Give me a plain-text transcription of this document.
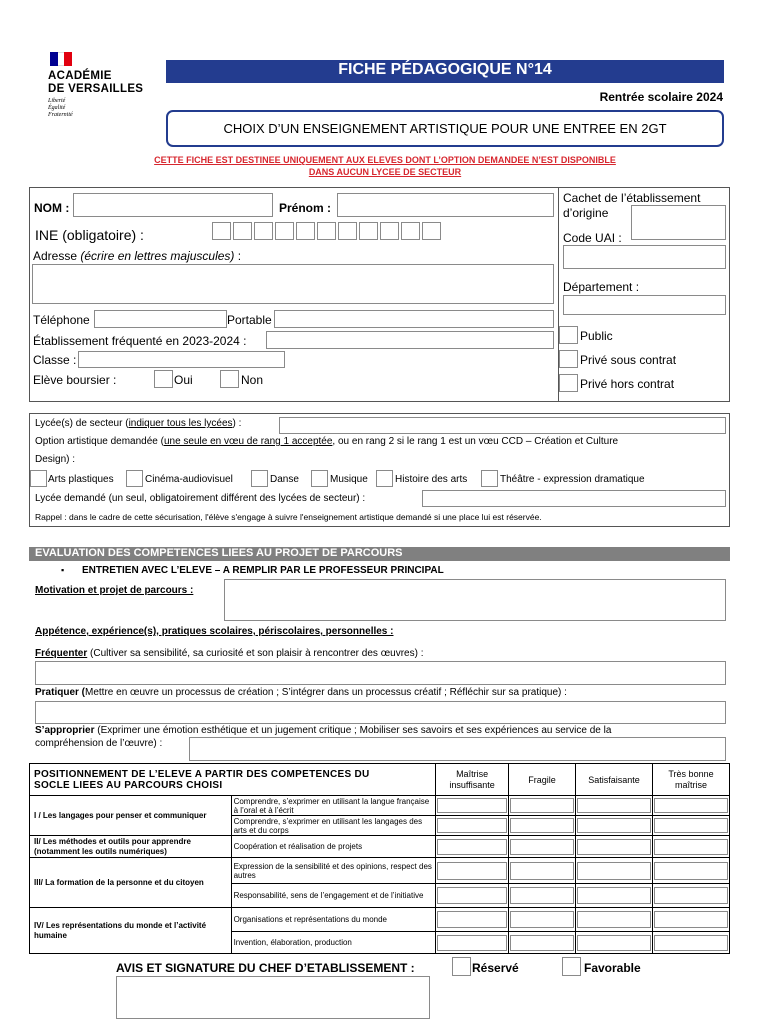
ACADÉMIE
DE VERSAILLES
Liberté
Égalité
Fraternité
FICHE PÉDAGOGIQUE N°14
Rentrée scolaire 2024
CHOIX D’UN ENSEIGNEMENT ARTISTIQUE POUR UNE ENTREE EN 2GT
CETTE FICHE EST DESTINEE UNIQUEMENT AUX ELEVES DONT L’OPTION DEMANDEE N’EST DISPONIBLE
DANS AUCUN LYCEE DE SECTEUR
NOM :	Prénom :
INE (obligatoire) :
Adresse (écrire en lettres majuscules) :
Téléphone	Portable
Établissement fréquenté en 2023-2024 :
Classe :
Elève boursier :	Oui	Non
Cachet de l’établissement
d’origine
Code UAI :
Département :
Public
Privé sous contrat
Privé hors contrat
Lycée(s) de secteur (indiquer tous les lycées) :
Option artistique demandée (une seule en vœu de rang 1 acceptée, ou en rang 2 si le rang 1 est un vœu CCD – Création et Culture
Design) :
Arts plastiques	Cinéma-audiovisuel	Danse	Musique	Histoire des arts	Théâtre - expression dramatique
Lycée demandé (un seul, obligatoirement différent des lycées de secteur) :
Rappel : dans le cadre de cette sécurisation, l'élève s'engage à suivre l'enseignement artistique demandé si une place lui est réservée.
EVALUATION DES COMPETENCES LIEES AU PROJET DE PARCOURS
▪ ENTRETIEN AVEC L’ELEVE – A REMPLIR PAR LE PROFESSEUR PRINCIPAL
Motivation et projet de parcours :
Appétence, expérience(s), pratiques scolaires, périscolaires, personnelles :
Fréquenter (Cultiver sa sensibilité, sa curiosité et son plaisir à rencontrer des œuvres) :
Pratiquer (Mettre en œuvre un processus de création ; S’intégrer dans un processus créatif ; Réfléchir sur sa pratique) :
S’approprier (Exprimer une émotion esthétique et un jugement critique ; Mobiliser ses savoirs et ses expériences au service de la
compréhension de l’œuvre) :
POSITIONNEMENT DE L’ELEVE A PARTIR DES COMPETENCES DU
SOCLE LIEES AU PARCOURS CHOISI		Maîtrise insuffisante	Fragile	Satisfaisante	Très bonne maîtrise
I / Les langages pour penser et communiquer	Comprendre, s’exprimer en utilisant la langue française à l’oral et à l’écrit	

	Comprendre, s’exprimer en utilisant les langages des arts et du corps	

II/ Les méthodes et outils pour apprendre (notamment les outils numériques)	Coopération et réalisation de projets	

III/ La formation de la personne et du citoyen	Expression de la sensibilité et des opinions, respect des autres	

	Responsabilité, sens de l’engagement et de l’initiative	

IV/ Les représentations du monde et l’activité humaine	Organisations et représentations du monde	

	Invention, élaboration, production	

AVIS ET SIGNATURE DU CHEF D’ETABLISSEMENT :	Réservé	Favorable
